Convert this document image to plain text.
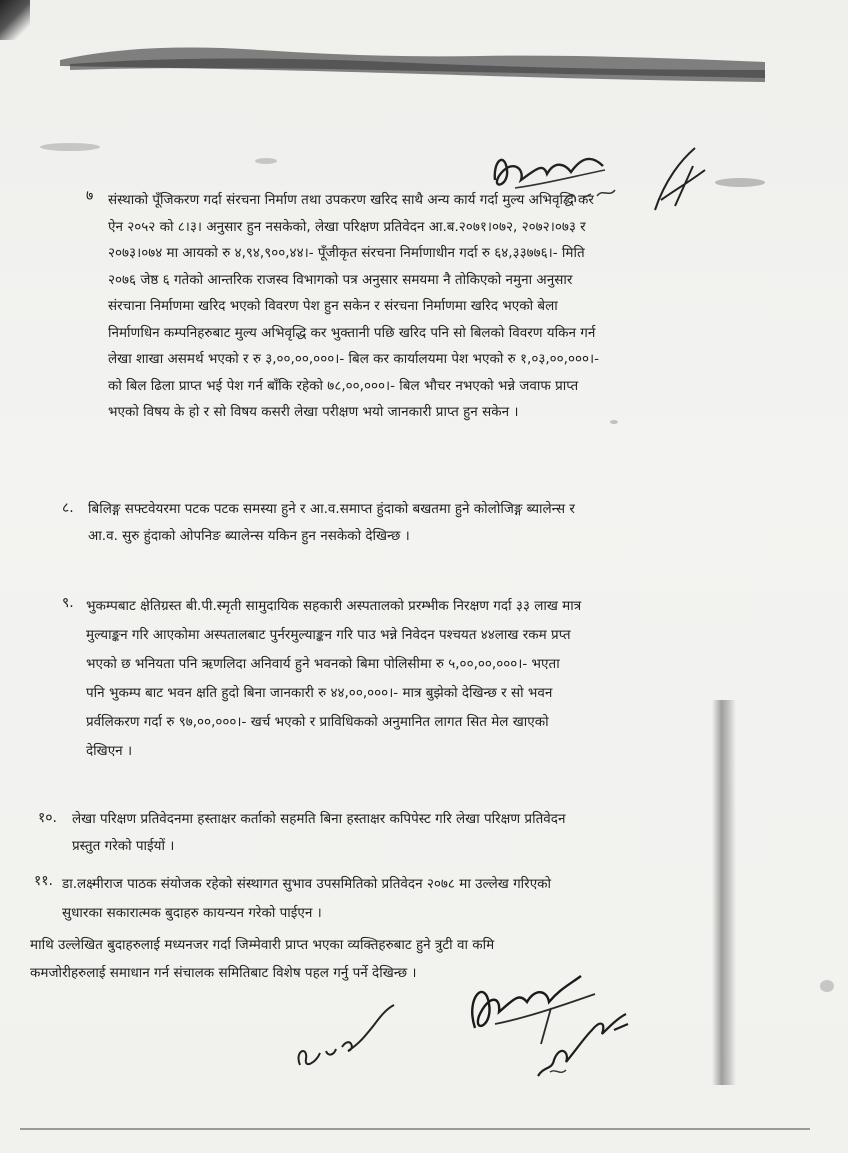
७ संस्थाको पूँजिकरण गर्दा संरचना निर्माण तथा उपकरण खरिद साथै अन्य कार्य गर्दा मुल्य अभिवृद्धि कर
ऐन २०५२ को ८।३। अनुसार हुन नसकेको, लेखा परिक्षण प्रतिवेदन आ.ब.२०७१।०७२, २०७२।०७३ र
२०७३।०७४ मा आयको रु ४,९४,९००,४४।- पूँजीकृत संरचना निर्माणाधीन गर्दा रु ६४,३३७७६।- मिति
२०७६ जेष्ठ ६ गतेको आन्तरिक राजस्व विभागको पत्र अनुसार समयमा नै तोकिएको नमुना अनुसार
संरचाना निर्माणमा खरिद भएको विवरण पेश हुन सकेन र संरचना निर्माणमा खरिद भएको बेला
निर्माणधिन कम्पनिहरुबाट मुल्य अभिवृद्धि कर भुक्तानी पछि खरिद पनि सो बिलको विवरण यकिन गर्न
लेखा शाखा असमर्थ भएको र रु ३,००,००,०००।- बिल कर कार्यालयमा पेश भएको रु १,०३,००,०००।-
को बिल ढिला प्राप्त भई पेश गर्न बाँकि रहेको ७८,००,०००।- बिल भौचर नभएको भन्ने जवाफ प्राप्त
भएको विषय के हो र सो विषय कसरी लेखा परीक्षण भयो जानकारी प्राप्त हुन सकेन ।
८. बिलिङ्ग सफ्टवेयरमा पटक पटक समस्या हुने र आ.व.समाप्त हुंदाको बखतमा हुने कोलोजिङ्ग ब्यालेन्स र
आ.व. सुरु हुंदाको ओपनिङ ब्यालेन्स यकिन हुन नसकेको देखिन्छ ।
९. भुकम्पबाट क्षेतिग्रस्त बी.पी.स्मृती सामुदायिक सहकारी अस्पतालको प्ररम्भीक निरक्षण गर्दा ३३ लाख मात्र
मुल्याङ्कन गरि आएकोमा अस्पतालबाट पुर्नरमुल्याङ्कन गरि पाउ भन्ने निवेदन पश्चयत ४४लाख रकम प्रप्त
भएको छ भनियता पनि ऋणलिदा अनिवार्य हुने भवनको बिमा पोलिसीमा रु ५,००,००,०००।- भएता
पनि भुकम्प बाट भवन क्षति हुदो बिना जानकारी रु ४४,००,०००।- मात्र बुझेको देखिन्छ र सो भवन
प्रर्वलिकरण गर्दा रु ९७,००,०००।- खर्च भएको र प्राविधिकको अनुमानित लागत सित मेल खाएको
देखिएन ।
१०. लेखा परिक्षण प्रतिवेदनमा हस्ताक्षर कर्ताको सहमति बिना हस्ताक्षर कपिपेस्ट गरि लेखा परिक्षण प्रतिवेदन
प्रस्तुत गरेको पाईयों ।
११. डा.लक्ष्मीराज पाठक संयोजक रहेको संस्थागत सुभाव उपसमितिको प्रतिवेदन २०७८ मा उल्लेख गरिएको
सुधारका सकारात्मक बुदाहरु कायन्यन गरेको पाईएन ।
माथि उल्लेखित बुदाहरुलाई मध्यनजर गर्दा जिम्मेवारी प्राप्त भएका व्यक्तिहरुबाट हुने त्रुटी वा कमि
कमजोरीहरुलाई समाधान गर्न संचालक समितिबाट विशेष पहल गर्नु पर्ने देखिन्छ ।
